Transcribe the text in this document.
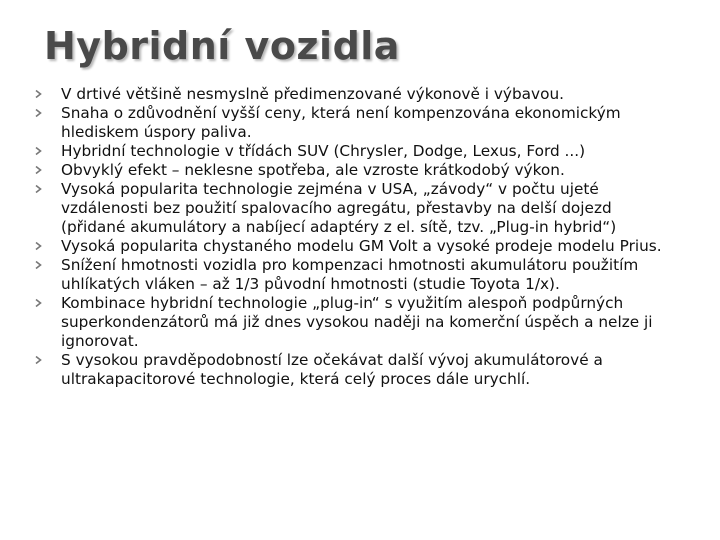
Hybridní vozidla
V drtivé většině nesmyslně předimenzované výkonově i výbavou.
Snaha o zdůvodnění vyšší ceny, která není kompenzována ekonomickým hlediskem úspory paliva.
Hybridní technologie v třídách SUV (Chrysler, Dodge, Lexus, Ford ...)
Obvyklý efekt – neklesne spotřeba, ale vzroste krátkodobý výkon.
Vysoká popularita technologie zejména v USA, „závody“ v počtu ujeté vzdálenosti bez použití spalovacího agregátu, přestavby na delší dojezd (přidané akumulátory a nabíjecí adaptéry z el. sítě, tzv. „Plug-in hybrid“)
Vysoká popularita chystaného modelu GM Volt a vysoké prodeje modelu Prius.
Snížení hmotnosti vozidla pro kompenzaci hmotnosti akumulátoru použitím uhlíkatých vláken – až 1/3 původní hmotnosti (studie Toyota 1/x).
Kombinace hybridní technologie „plug-in“ s využitím alespoň podpůrných superkondenzátorů má již dnes vysokou naději na komerční úspěch a nelze ji ignorovat.
S vysokou pravděpodobností lze očekávat další vývoj akumulátorové a ultrakapacitorové technologie, která celý proces dále urychlí.
